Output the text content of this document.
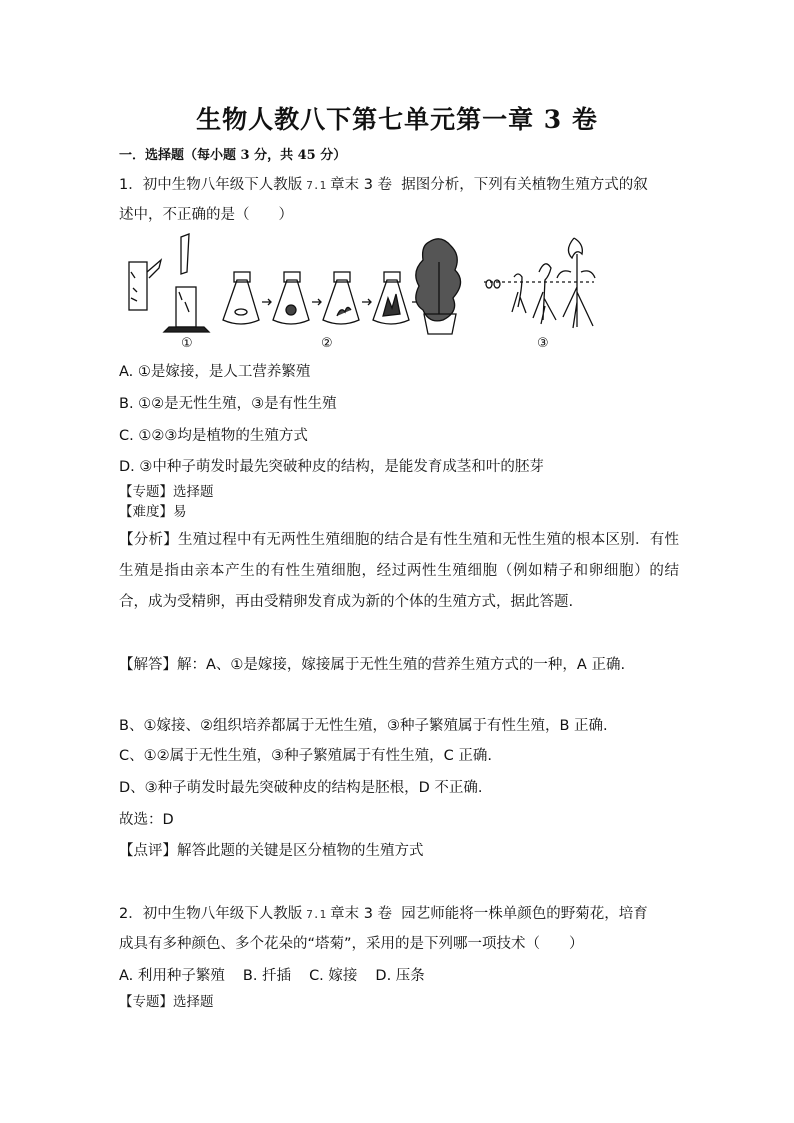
生物人教八下第七单元第一章 3 卷
一．选择题（每小题 3 分，共 45 分）
1．初中生物八年级下人教版 7.1 章末 3 卷 据图分析，下列有关植物生殖方式的叙
述中，不正确的是（　　）
①	②	③
A. ①是嫁接，是人工营养繁殖
B. ①②是无性生殖，③是有性生殖
C. ①②③均是植物的生殖方式
D. ③中种子萌发时最先突破种皮的结构，是能发育成茎和叶的胚芽
【专题】选择题
【难度】易
【分析】生殖过程中有无两性生殖细胞的结合是有性生殖和无性生殖的根本区别．有性生殖是指由亲本产生的有性生殖细胞，经过两性生殖细胞（例如精子和卵细胞）的结合，成为受精卵，再由受精卵发育成为新的个体的生殖方式，据此答题.
【解答】解：A、①是嫁接，嫁接属于无性生殖的营养生殖方式的一种，A 正确.
B、①嫁接、②组织培养都属于无性生殖，③种子繁殖属于有性生殖，B 正确.
C、①②属于无性生殖，③种子繁殖属于有性生殖，C 正确.
D、③种子萌发时最先突破种皮的结构是胚根，D 不正确.
故选：D
【点评】解答此题的关键是区分植物的生殖方式
2．初中生物八年级下人教版 7.1 章末 3 卷 园艺师能将一株单颜色的野菊花，培育
成具有多种颜色、多个花朵的“塔菊”，采用的是下列哪一项技术（　　）
A. 利用种子繁殖 B. 扦插 C. 嫁接 D. 压条
【专题】选择题
